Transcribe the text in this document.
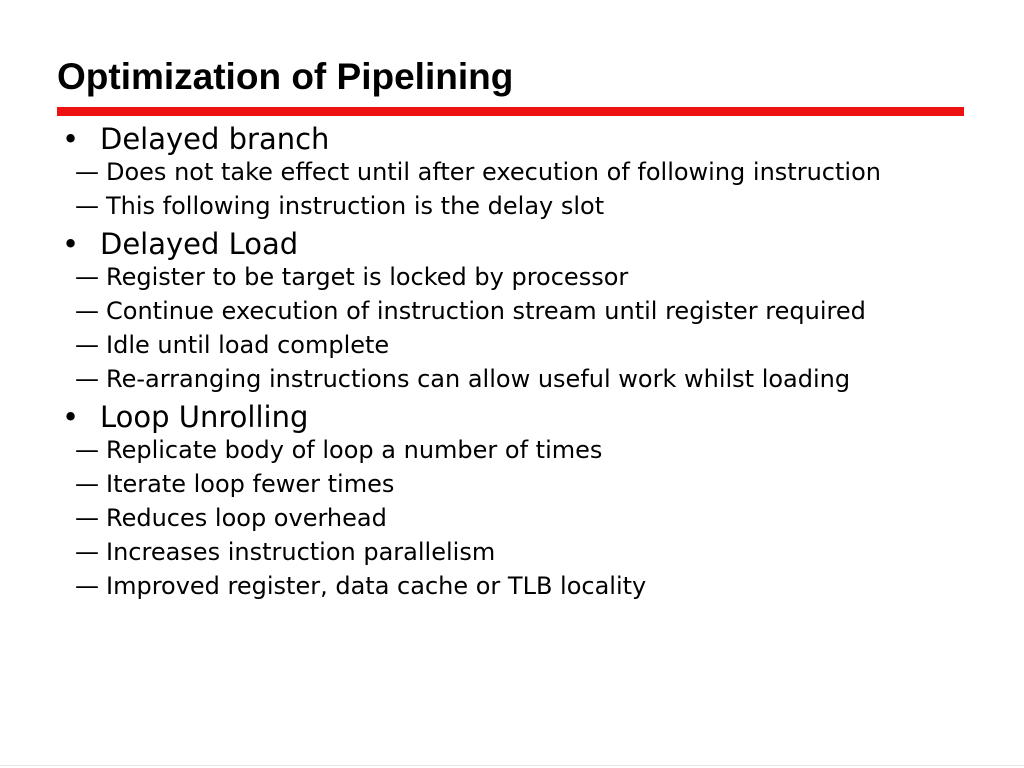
Optimization of Pipelining
• Delayed branch
— Does not take effect until after execution of following instruction
— This following instruction is the delay slot
• Delayed Load
— Register to be target is locked by processor
— Continue execution of instruction stream until register required
— Idle until load complete
— Re-arranging instructions can allow useful work whilst loading
• Loop Unrolling
— Replicate body of loop a number of times
— Iterate loop fewer times
— Reduces loop overhead
— Increases instruction parallelism
— Improved register, data cache or TLB locality
